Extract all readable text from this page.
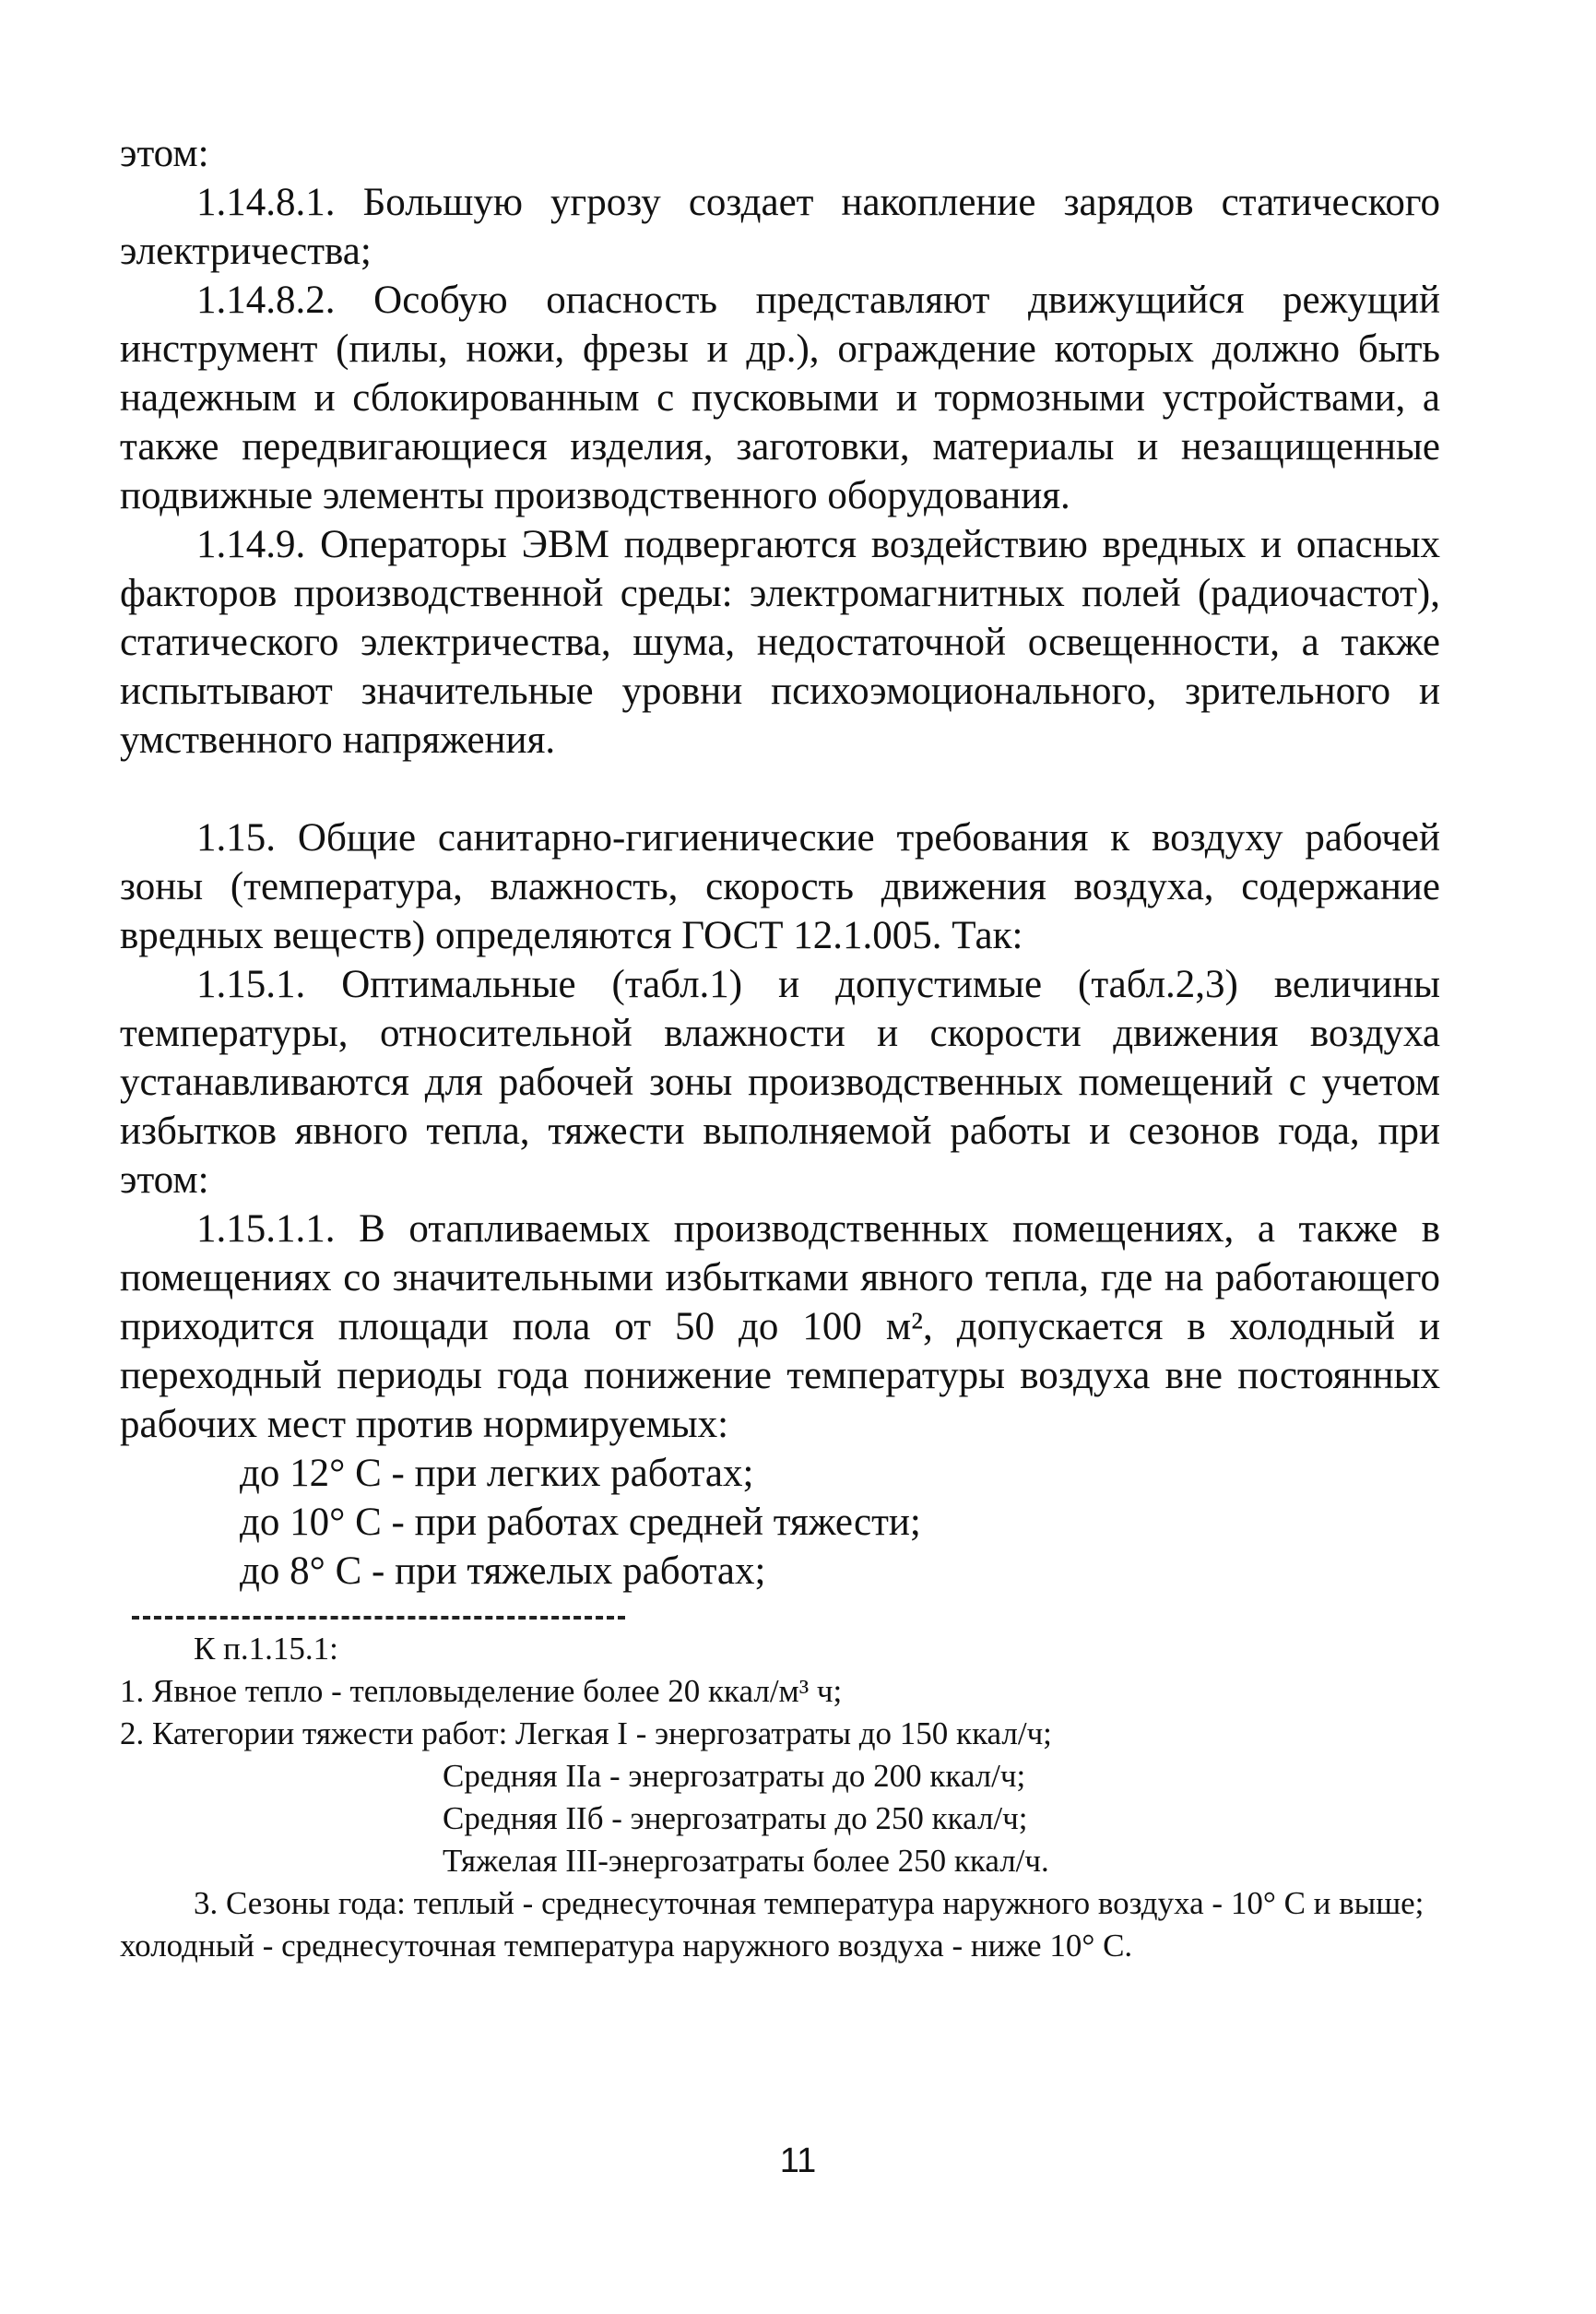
этом:

1.14.8.1. Большую угрозу создает накопление зарядов статического электричества;

1.14.8.2. Особую опасность представляют движущийся режущий инструмент (пилы, ножи, фрезы и др.), ограждение которых должно быть надежным и сблокированным с пусковыми и тормозными устройствами, а также передвигающиеся изделия, заготовки, материалы и незащищенные подвижные элементы производственного оборудования.

1.14.9. Операторы ЭВМ подвергаются воздействию вредных и опасных факторов производственной среды: электромагнитных полей (радиочастот), статического электричества, шума, недостаточной освещенности, а также испытывают значительные уровни психоэмоционального, зрительного и умственного напряжения.

1.15. Общие санитарно-гигиенические требования к воздуху рабочей зоны (температура, влажность, скорость движения воздуха, содержание вредных веществ) определяются ГОСТ 12.1.005. Так:

1.15.1. Оптимальные (табл.1) и допустимые (табл.2,3) величины температуры, относительной влажности и скорости движения воздуха устанавливаются для рабочей зоны производственных помещений с учетом избытков явного тепла, тяжести выполняемой работы и сезонов года, при этом:

1.15.1.1. В отапливаемых производственных помещениях, а также в помещениях со значительными избытками явного тепла, где на работающего приходится площади пола от 50 до 100 м², допускается в холодный и переходный периоды года понижение температуры воздуха вне постоянных рабочих мест против нормируемых:

до 12° С - при легких работах;
до 10° С - при работах средней тяжести;
до 8° С - при тяжелых работах;

К п.1.15.1:

1. Явное тепло - тепловыделение более 20 ккал/м³ ч;

2. Категории тяжести работ: Легкая I - энергозатраты до 150 ккал/ч;

Средняя IIа - энергозатраты до 200 ккал/ч;

Средняя IIб - энергозатраты до 250 ккал/ч;

Тяжелая III-энергозатраты более 250 ккал/ч.

3. Сезоны года: теплый - среднесуточная температура наружного воздуха - 10° С и выше;

холодный - среднесуточная температура наружного воздуха - ниже 10° С.

11
